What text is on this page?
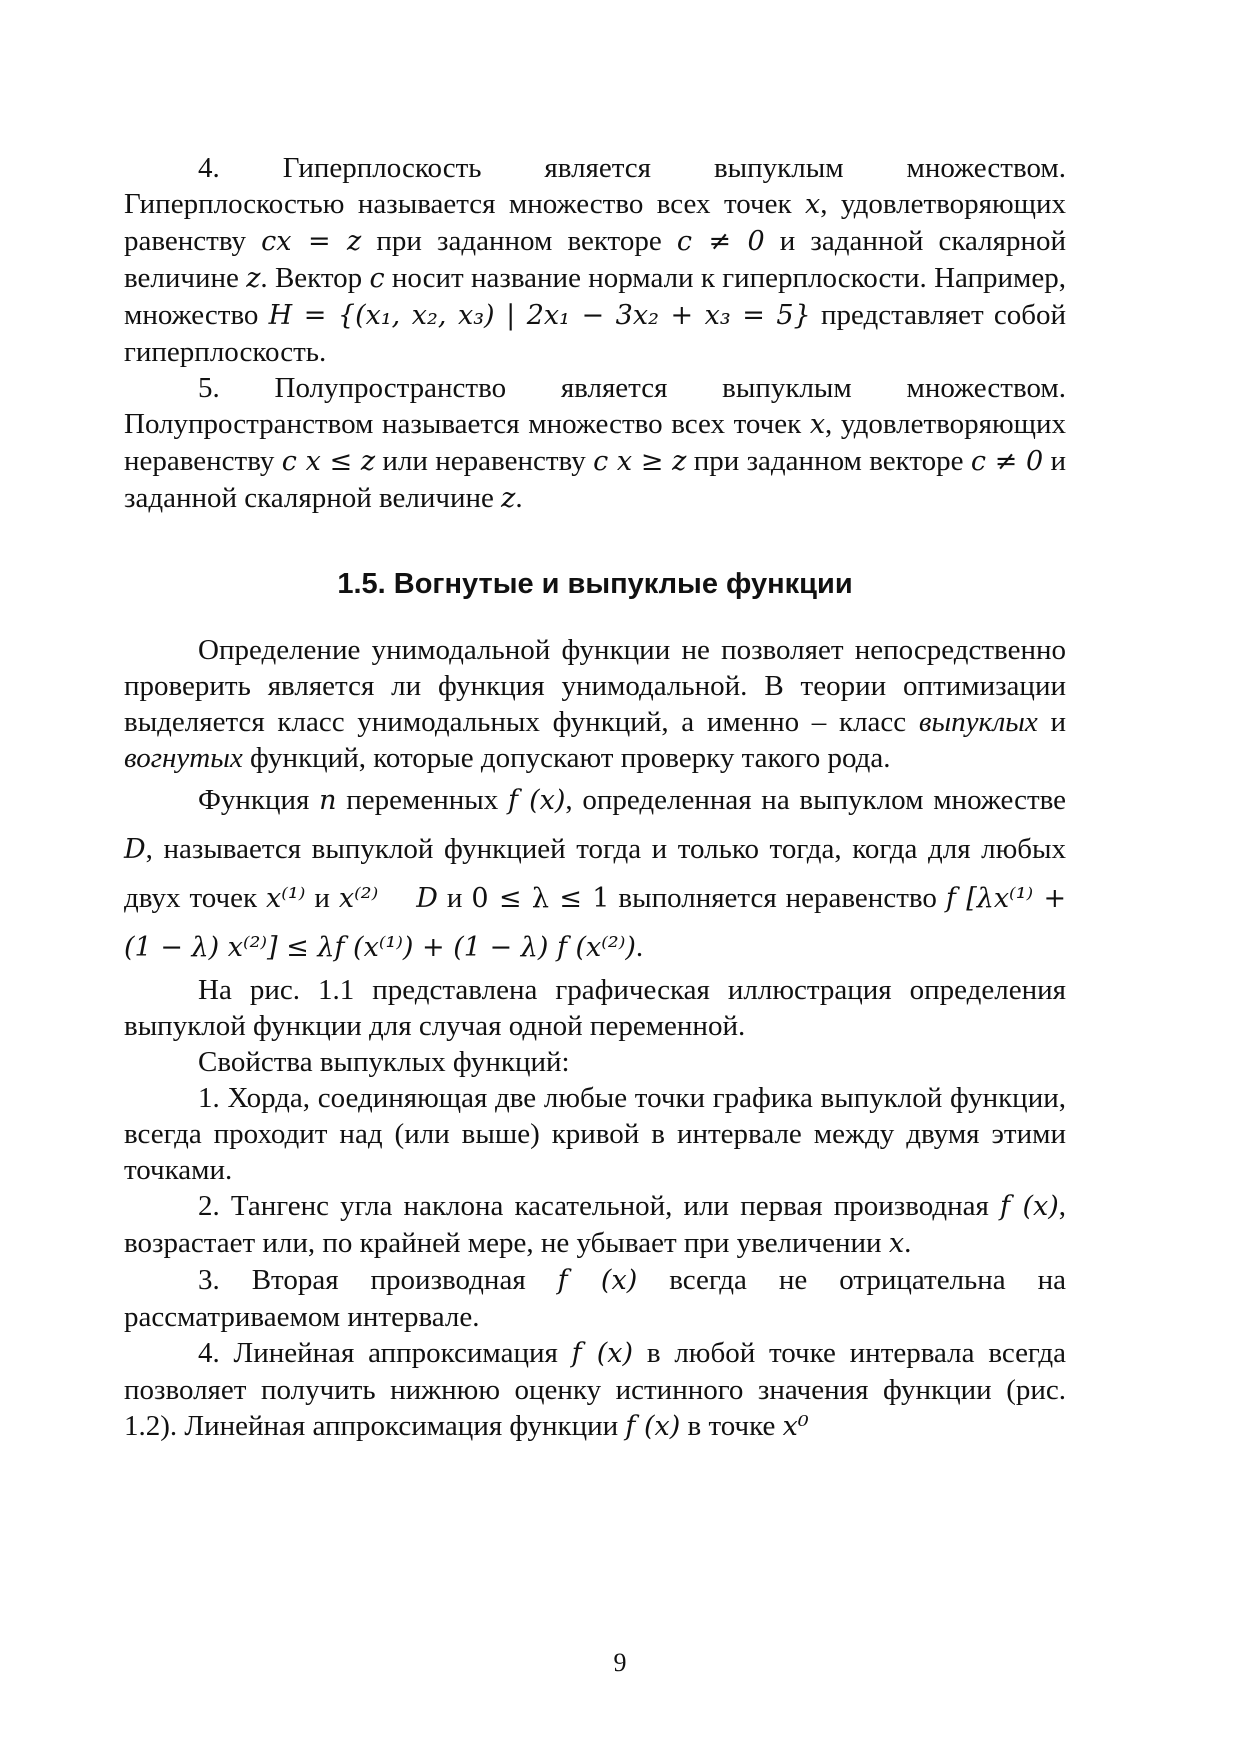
4. Гиперплоскость является выпуклым множеством. Гиперплоскостью называется множество всех точек x, удовлетворяющих равенству cx = z при заданном векторе c ≠ 0 и заданной скалярной величине z. Вектор c носит название нормали к гиперплоскости. Например, множество H = {(x₁, x₂, x₃) | 2x₁ − 3x₂ + x₃ = 5} представляет собой гиперплоскость.

5. Полупространство является выпуклым множеством. Полупространством называется множество всех точек x, удовлетворяющих неравенству c x ≤ z или неравенству c x ≥ z при заданном векторе c ≠ 0 и заданной скалярной величине z.

1.5. Вогнутые и выпуклые функции

Определение унимодальной функции не позволяет непосредственно проверить является ли функция унимодальной. В теории оптимизации выделяется класс унимодальных функций, а именно – класс выпуклых и вогнутых функций, которые допускают проверку такого рода.

Функция n переменных f (x), определенная на выпуклом множестве D, называется выпуклой функцией тогда и только тогда, когда для любых двух точек x⁽¹⁾ и x⁽²⁾   D и 0 ≤ λ ≤ 1 выполняется неравенство f [λx⁽¹⁾ + (1 − λ) x⁽²⁾] ≤ λf (x⁽¹⁾) + (1 − λ) f (x⁽²⁾).

На рис. 1.1 представлена графическая иллюстрация определения выпуклой функции для случая одной переменной.

Свойства выпуклых функций:

1. Хорда, соединяющая две любые точки графика выпуклой функции, всегда проходит над (или выше) кривой в интервале между двумя этими точками.

2. Тангенс угла наклона касательной, или первая производная f (x), возрастает или, по крайней мере, не убывает при увеличении x.

3. Вторая производная f (x) всегда не отрицательна на рассматриваемом интервале.

4. Линейная аппроксимация f (x) в любой точке интервала всегда позволяет получить нижнюю оценку истинного значения функции (рис. 1.2). Линейная аппроксимация функции f (x) в точке x⁰

9
